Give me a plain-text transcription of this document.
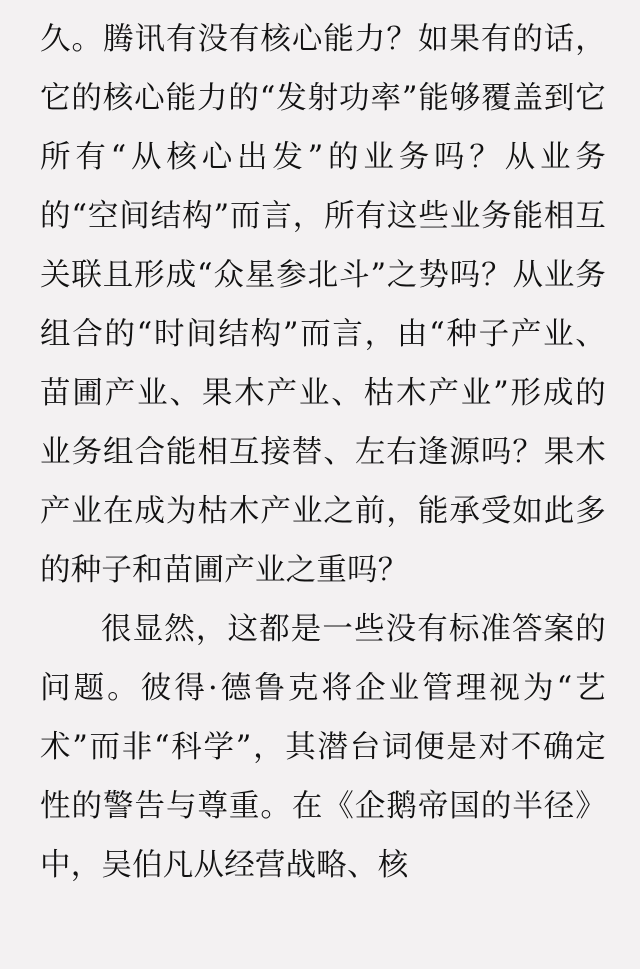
久。腾讯有没有核心能力？如果有的话，它的核心能力的“发射功率”能够覆盖到它所有“从核心出发”的业务吗？从业务的“空间结构”而言，所有这些业务能相互关联且形成“众星参北斗”之势吗？从业务组合的“时间结构”而言，由“种子产业、苗圃产业、果木产业、枯木产业”形成的业务组合能相互接替、左右逢源吗？果木产业在成为枯木产业之前，能承受如此多的种子和苗圃产业之重吗？

很显然，这都是一些没有标准答案的问题。彼得·德鲁克将企业管理视为“艺术”而非“科学”，其潜台词便是对不确定性的警告与尊重。在《企鹅帝国的半径》中，吴伯凡从经营战略、核
